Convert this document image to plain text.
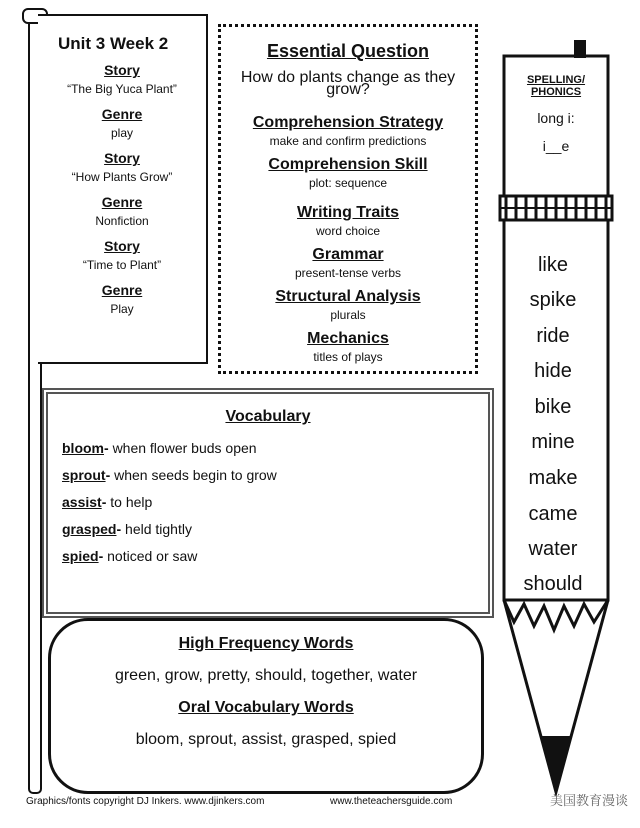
Unit 3 Week 2
Story
“The Big Yuca Plant”
Genre
play
Story
“How Plants Grow”
Genre
Nonfiction
Story
“Time to Plant”
Genre
Play
Essential Question
How do plants change as they grow?
Comprehension Strategy
make and confirm predictions
Comprehension Skill
plot: sequence
Writing Traits
word choice
Grammar
present-tense verbs
Structural Analysis
plurals
Mechanics
titles of plays
Vocabulary
bloom- when flower buds open
sprout- when seeds begin to grow
assist- to help
grasped- held tightly
spied- noticed or saw
High Frequency Words
green, grow, pretty, should, together, water
Oral Vocabulary Words
bloom, sprout, assist, grasped, spied
SPELLING/
PHONICS
long i:
i__e
like
spike
ride
hide
bike
mine
make
came
water
should
Graphics/fonts copyright DJ Inkers. www.djinkers.com	www.theteachersguide.com	美国教育漫谈
